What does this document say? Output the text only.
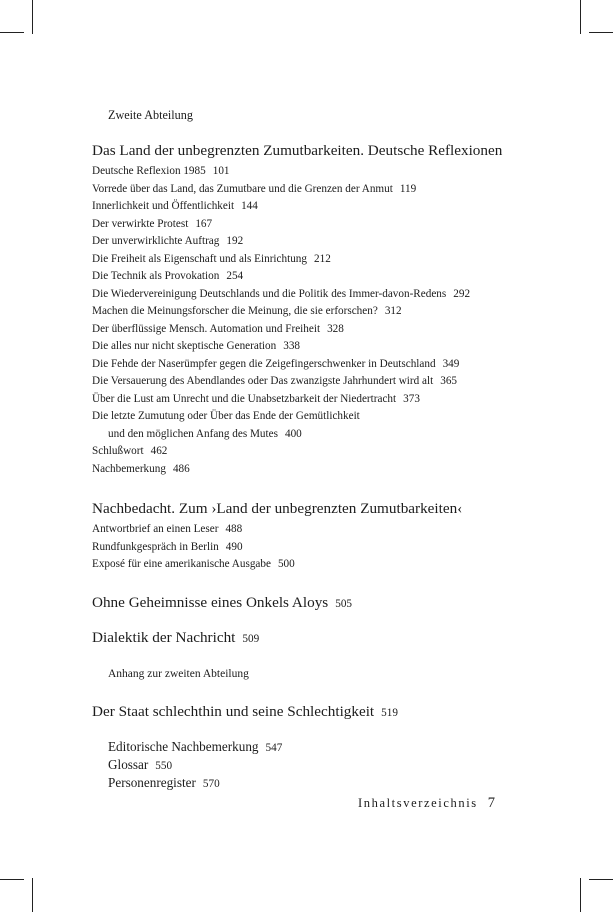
Zweite Abteilung
Das Land der unbegrenzten Zumutbarkeiten. Deutsche Reflexionen
Deutsche Reflexion 1985 101
Vorrede über das Land, das Zumutbare und die Grenzen der Anmut 119
Innerlichkeit und Öffentlichkeit 144
Der verwirkte Protest 167
Der unverwirklichte Auftrag 192
Die Freiheit als Eigenschaft und als Einrichtung 212
Die Technik als Provokation 254
Die Wiedervereinigung Deutschlands und die Politik des Immer-davon-Redens 292
Machen die Meinungsforscher die Meinung, die sie erforschen? 312
Der überflüssige Mensch. Automation und Freiheit 328
Die alles nur nicht skeptische Generation 338
Die Fehde der Naserümpfer gegen die Zeigefingerschwenker in Deutschland 349
Die Versauerung des Abendlandes oder Das zwanzigste Jahrhundert wird alt 365
Über die Lust am Unrecht und die Unabsetzbarkeit der Niedertracht 373
Die letzte Zumutung oder Über das Ende der Gemütlichkeit
und den möglichen Anfang des Mutes 400
Schlußwort 462
Nachbemerkung 486
Nachbedacht. Zum ›Land der unbegrenzten Zumutbarkeiten‹
Antwortbrief an einen Leser 488
Rundfunkgespräch in Berlin 490
Exposé für eine amerikanische Ausgabe 500
Ohne Geheimnisse eines Onkels Aloys 505
Dialektik der Nachricht 509
Anhang zur zweiten Abteilung
Der Staat schlechthin und seine Schlechtigkeit 519
Editorische Nachbemerkung 547
Glossar 550
Personenregister 570
Inhaltsverzeichnis 7
